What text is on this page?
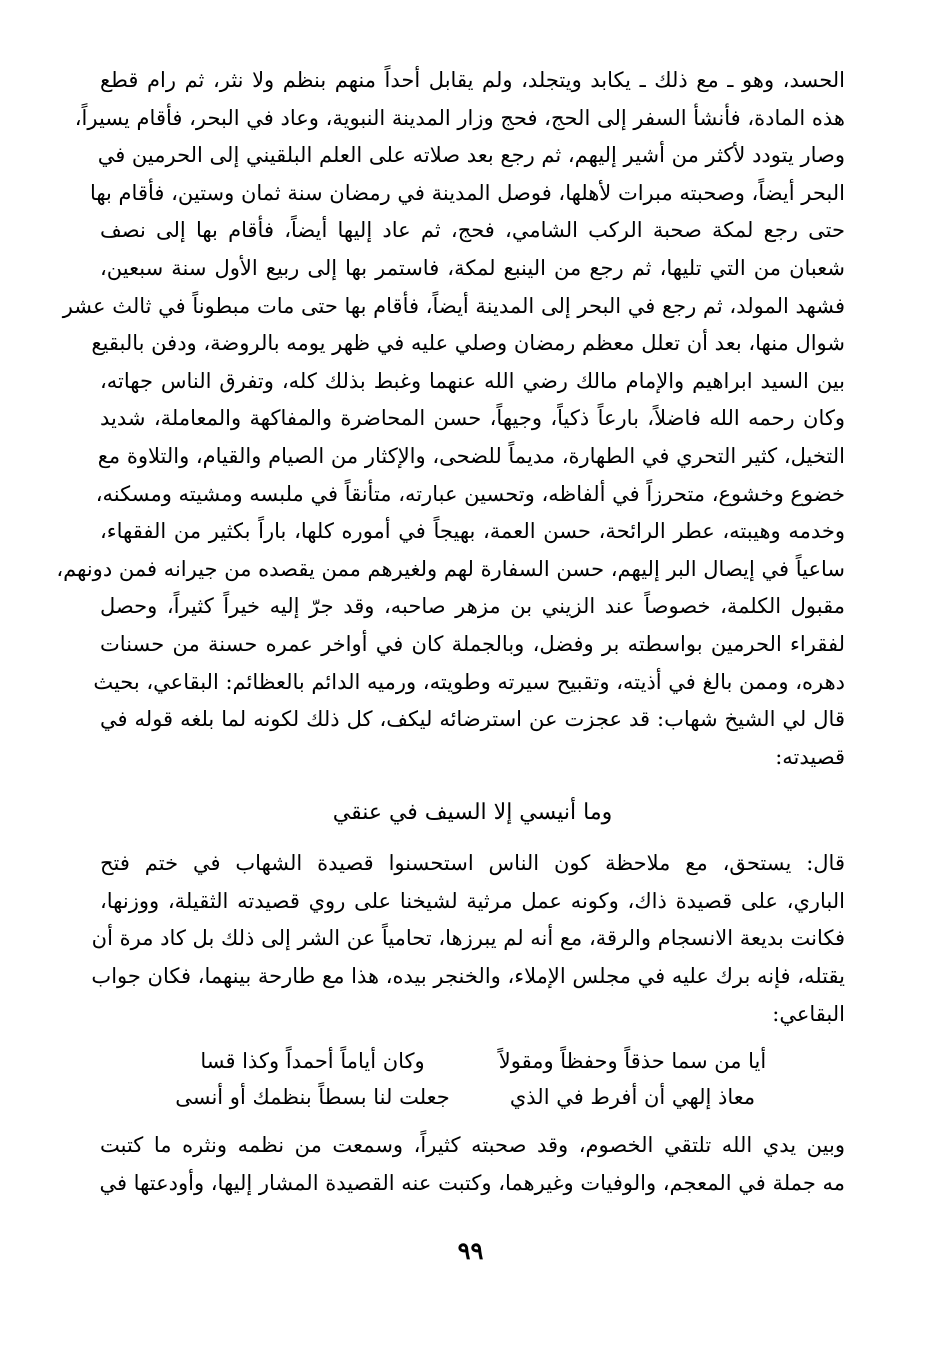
الحسد، وهو ـ مع ذلك ـ يكابد ويتجلد، ولم يقابل أحداً منهم بنظم ولا نثر، ثم رام قطع
هذه المادة، فأنشأ السفر إلى الحج، فحج وزار المدينة النبوية، وعاد في البحر، فأقام يسيراً،
وصار يتودد لأكثر من أشير إليهم، ثم رجع بعد صلاته على العلم البلقيني إلى الحرمين في
البحر أيضاً، وصحبته مبرات لأهلها، فوصل المدينة في رمضان سنة ثمان وستين، فأقام بها
حتى رجع لمكة صحبة الركب الشامي، فحج، ثم عاد إليها أيضاً، فأقام بها إلى نصف
شعبان من التي تليها، ثم رجع من الينبع لمكة، فاستمر بها إلى ربيع الأول سنة سبعين،
فشهد المولد، ثم رجع في البحر إلى المدينة أيضاً، فأقام بها حتى مات مبطوناً في ثالث عشر
شوال منها، بعد أن تعلل معظم رمضان وصلي عليه في ظهر يومه بالروضة، ودفن بالبقيع
بين السيد ابراهيم والإمام مالك رضي الله عنهما وغبط بذلك كله، وتفرق الناس جهاته،
وكان رحمه الله فاضلاً، بارعاً ذكياً، وجيهاً، حسن المحاضرة والمفاكهة والمعاملة، شديد
التخيل، كثير التحري في الطهارة، مديماً للضحى، والإكثار من الصيام والقيام، والتلاوة مع
خضوع وخشوع، متحرزاً في ألفاظه، وتحسين عبارته، متأنقاً في ملبسه ومشيته ومسكنه،
وخدمه وهيبته، عطر الرائحة، حسن العمة، بهيجاً في أموره كلها، باراً بكثير من الفقهاء،
ساعياً في إيصال البر إليهم، حسن السفارة لهم ولغيرهم ممن يقصده من جيرانه فمن دونهم،
مقبول الكلمة، خصوصاً عند الزيني بن مزهر صاحبه، وقد جرّ إليه خيراً كثيراً، وحصل
لفقراء الحرمين بواسطته بر وفضل، وبالجملة كان في أواخر عمره حسنة من حسنات
دهره، وممن بالغ في أذيته، وتقبيح سيرته وطويته، ورميه الدائم بالعظائم: البقاعي، بحيث
قال لي الشيخ شهاب: قد عجزت عن استرضائه ليكف، كل ذلك لكونه لما بلغه قوله في
قصيدته:
وما أنيسي إلا السيف في عنقي
قال: يستحق، مع ملاحظة كون الناس استحسنوا قصيدة الشهاب في ختم فتح
الباري، على قصيدة ذاك، وكونه عمل مرثية لشيخنا على روي قصيدته الثقيلة، ووزنها،
فكانت بديعة الانسجام والرقة، مع أنه لم يبرزها، تحامياً عن الشر إلى ذلك بل كاد مرة أن
يقتله، فإنه برك عليه في مجلس الإملاء، والخنجر بيده، هذا مع طارحة بينهما، فكان جواب
البقاعي:
أيا من سما حذقاً وحفظاً ومقولاً
وكان أياماً أحمداً وكذا قسا
معاذ إلهي أن أفرط في الذي
جعلت لنا بسطاً بنظمك أو أنسى
وبين يدي الله تلتقي الخصوم، وقد صحبته كثيراً، وسمعت من نظمه ونثره ما كتبت
مه جملة في المعجم، والوفيات وغيرهما، وكتبت عنه القصيدة المشار إليها، وأودعتها في
٩٩
